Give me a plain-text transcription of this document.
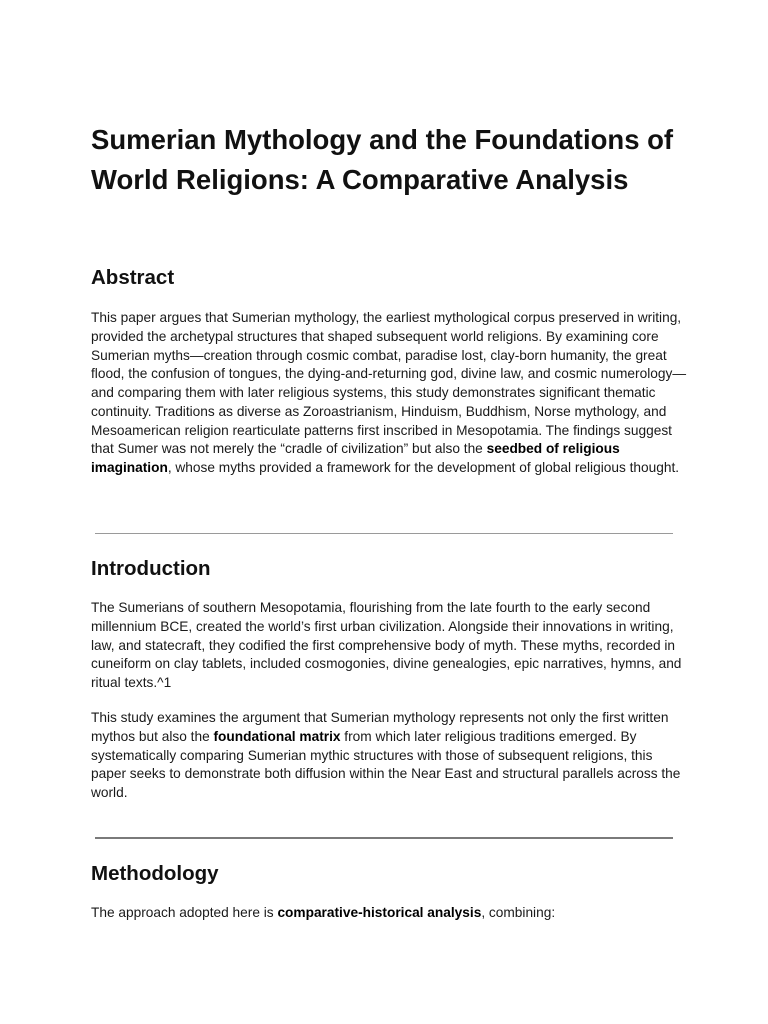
Sumerian Mythology and the Foundations of World Religions: A Comparative Analysis
Abstract

This paper argues that Sumerian mythology, the earliest mythological corpus preserved in writing, provided the archetypal structures that shaped subsequent world religions. By examining core Sumerian myths—creation through cosmic combat, paradise lost, clay-born humanity, the great flood, the confusion of tongues, the dying-and-returning god, divine law, and cosmic numerology—and comparing them with later religious systems, this study demonstrates significant thematic continuity. Traditions as diverse as Zoroastrianism, Hinduism, Buddhism, Norse mythology, and Mesoamerican religion rearticulate patterns first inscribed in Mesopotamia. The findings suggest that Sumer was not merely the “cradle of civilization” but also the seedbed of religious imagination, whose myths provided a framework for the development of global religious thought.

Introduction

The Sumerians of southern Mesopotamia, flourishing from the late fourth to the early second millennium BCE, created the world’s first urban civilization. Alongside their innovations in writing, law, and statecraft, they codified the first comprehensive body of myth. These myths, recorded in cuneiform on clay tablets, included cosmogonies, divine genealogies, epic narratives, hymns, and ritual texts.^1

This study examines the argument that Sumerian mythology represents not only the first written mythos but also the foundational matrix from which later religious traditions emerged. By systematically comparing Sumerian mythic structures with those of subsequent religions, this paper seeks to demonstrate both diffusion within the Near East and structural parallels across the world.

Methodology

The approach adopted here is comparative-historical analysis, combining:
